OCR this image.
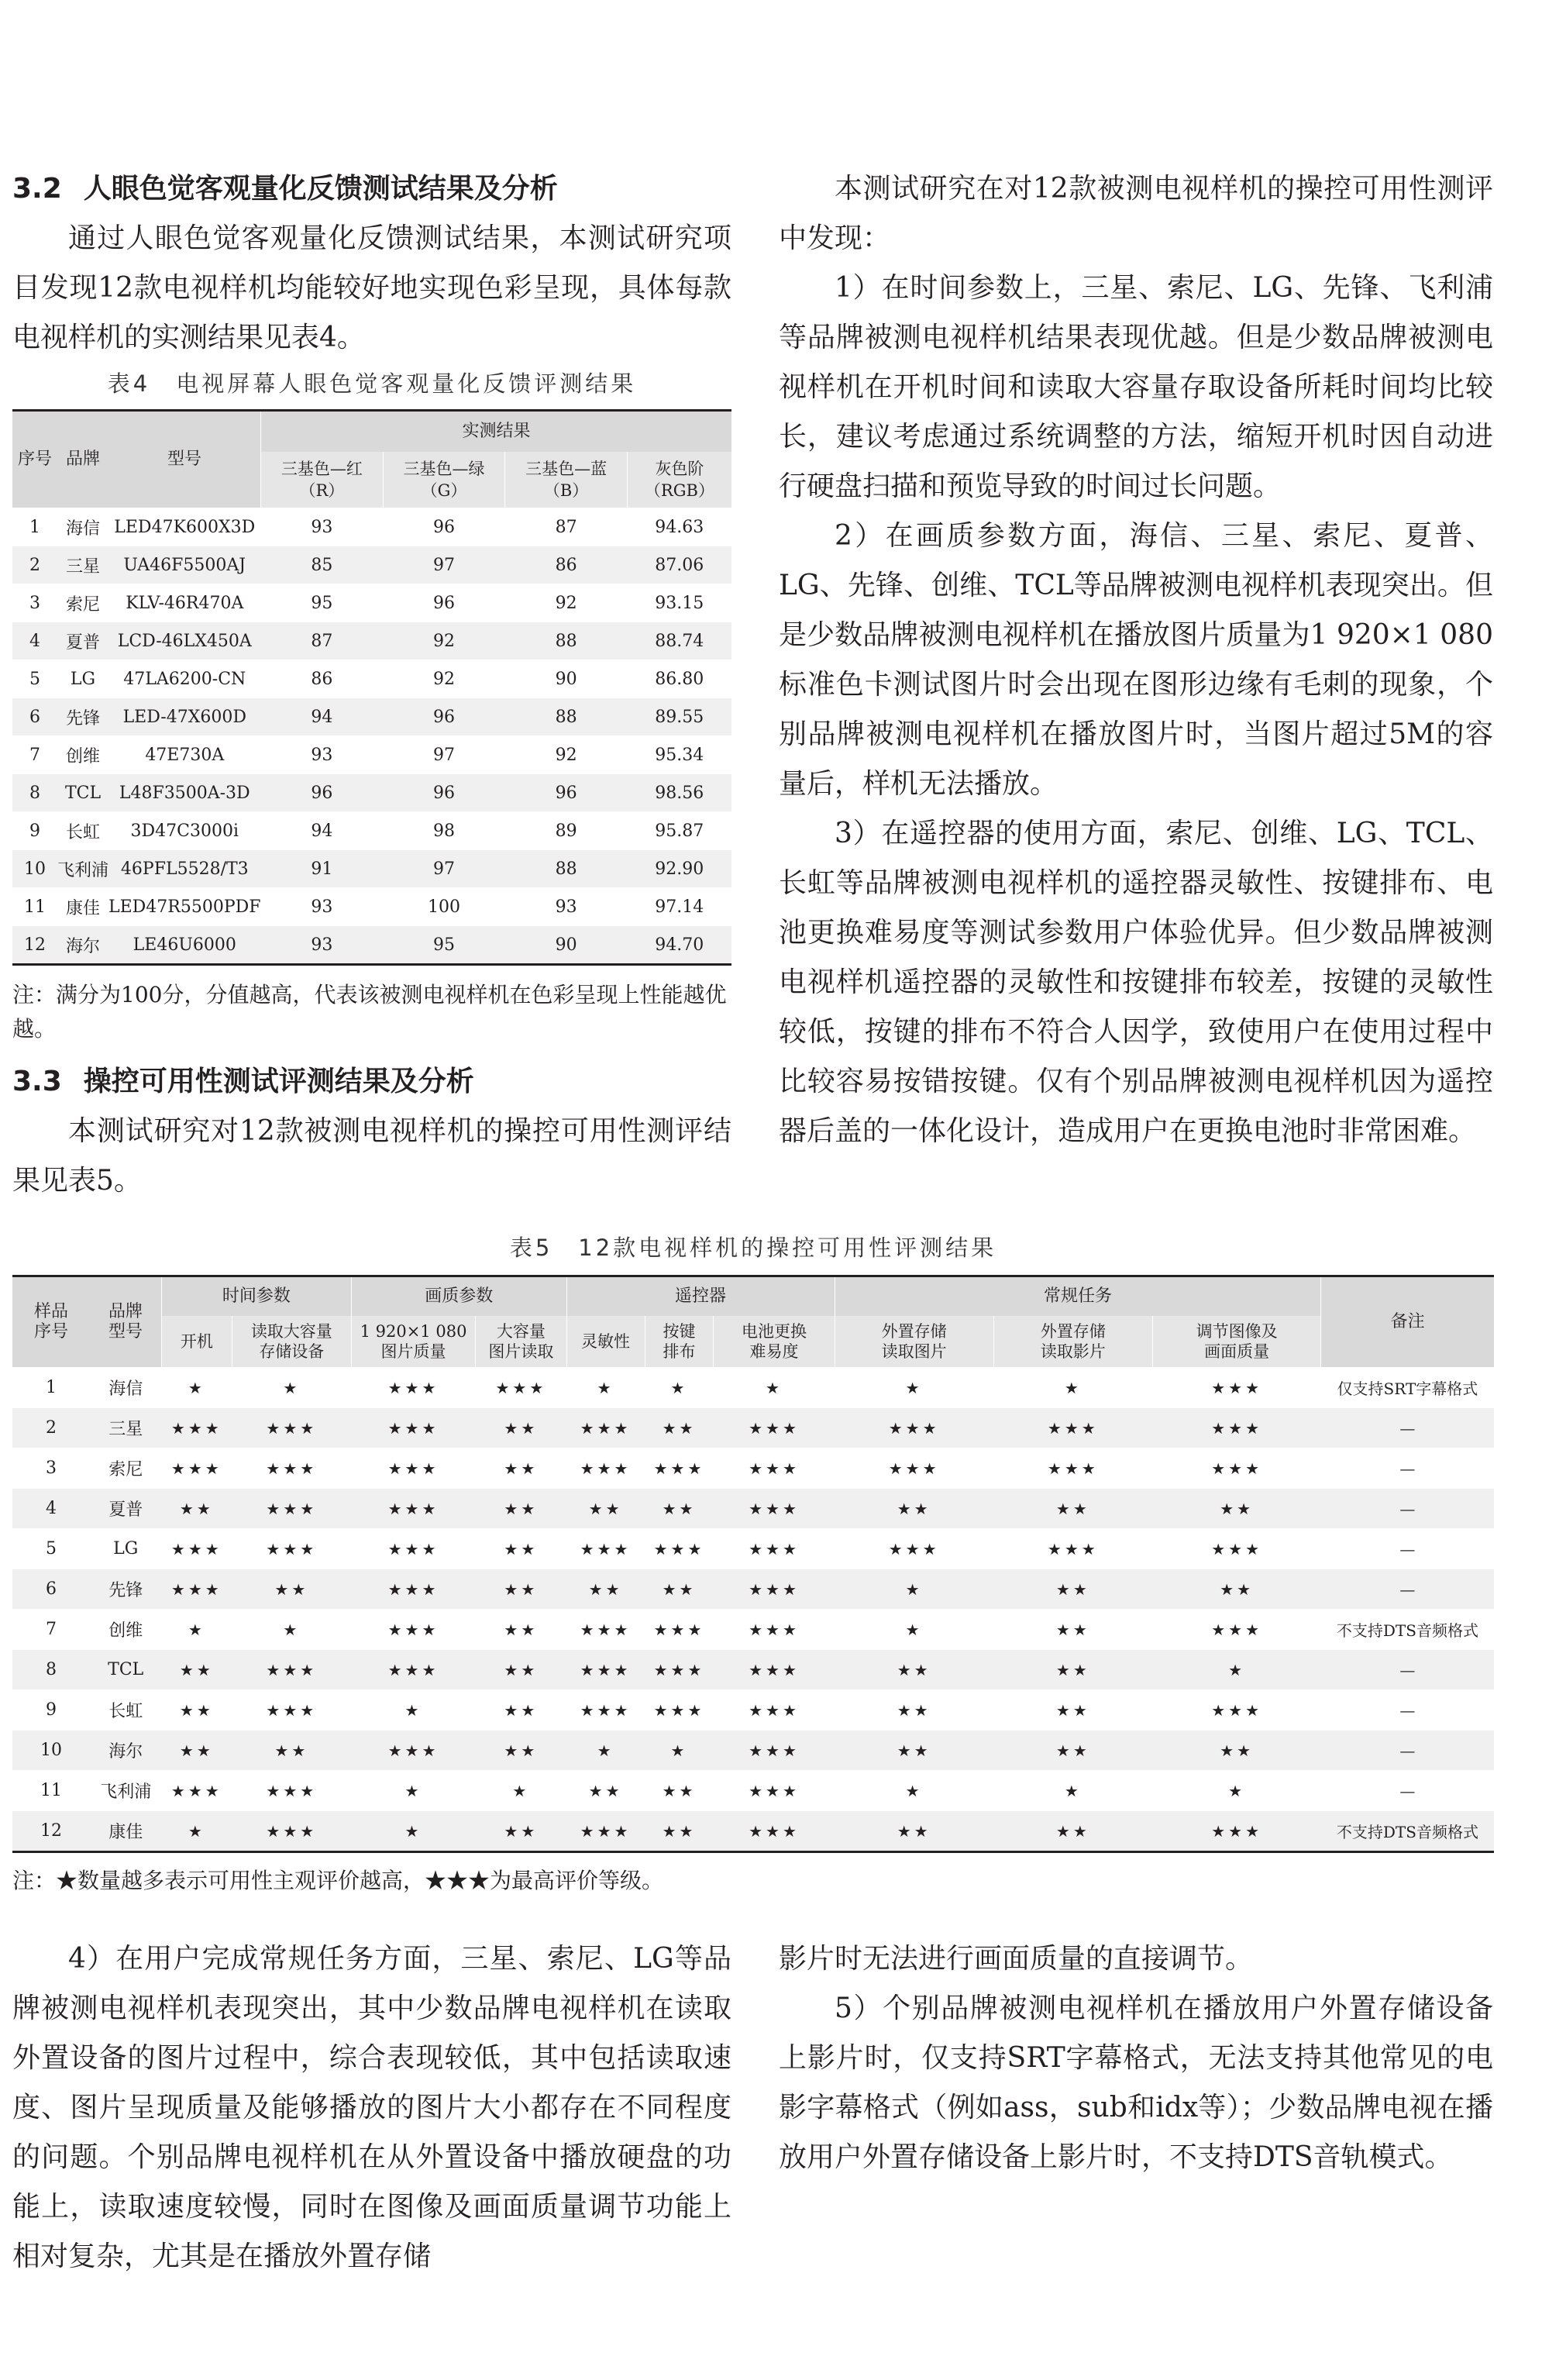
3.2 人眼色觉客观量化反馈测试结果及分析

通过人眼色觉客观量化反馈测试结果，本测试研究项目发现12款电视样机均能较好地实现色彩呈现，具体每款电视样机的实测结果见表4。

表4　电视屏幕人眼色觉客观量化反馈评测结果
序号	品牌	型号	实测结果			
			三基色—红
（R）	三基色—绿
（G）	三基色—蓝
（B）	灰色阶
（RGB）
1	海信	LED47K600X3D	93	96	87	94.63
2	三星	UA46F5500AJ	85	97	86	87.06
3	索尼	KLV-46R470A	95	96	92	93.15
4	夏普	LCD-46LX450A	87	92	88	88.74
5	LG	47LA6200-CN	86	92	90	86.80
6	先锋	LED-47X600D	94	96	88	89.55
7	创维	47E730A	93	97	92	95.34
8	TCL	L48F3500A-3D	96	96	96	98.56
9	长虹	3D47C3000i	94	98	89	95.87
10	飞利浦	46PFL5528/T3	91	97	88	92.90
11	康佳	LED47R5500PDF	93	100	93	97.14
12	海尔	LE46U6000	93	95	90	94.70
注：满分为100分，分值越高，代表该被测电视样机在色彩呈现上性能越优越。
3.3 操控可用性测试评测结果及分析

本测试研究对12款被测电视样机的操控可用性测评结果见表5。

本测试研究在对12款被测电视样机的操控可用性测评中发现：

1）在时间参数上，三星、索尼、LG、先锋、飞利浦等品牌被测电视样机结果表现优越。但是少数品牌被测电视样机在开机时间和读取大容量存取设备所耗时间均比较长，建议考虑通过系统调整的方法，缩短开机时因自动进行硬盘扫描和预览导致的时间过长问题。

2）在画质参数方面，海信、三星、索尼、夏普、LG、先锋、创维、TCL等品牌被测电视样机表现突出。但是少数品牌被测电视样机在播放图片质量为1 920×1 080标准色卡测试图片时会出现在图形边缘有毛刺的现象，个别品牌被测电视样机在播放图片时，当图片超过5M的容量后，样机无法播放。

3）在遥控器的使用方面，索尼、创维、LG、TCL、长虹等品牌被测电视样机的遥控器灵敏性、按键排布、电池更换难易度等测试参数用户体验优异。但少数品牌被测电视样机遥控器的灵敏性和按键排布较差，按键的灵敏性较低，按键的排布不符合人因学，致使用户在使用过程中比较容易按错按键。仅有个别品牌被测电视样机因为遥控器后盖的一体化设计，造成用户在更换电池时非常困难。

表5　12款电视样机的操控可用性评测结果
样品
序号	品牌
型号	时间参数		画质参数		遥控器			常规任务			备注
		开机	读取大容量
存储设备	1 920×1 080
图片质量	大容量
图片读取	灵敏性	按键
排布	电池更换
难易度	外置存储
读取图片	外置存储
读取影片	调节图像及
画面质量	
1	海信	★	★	★★★	★★★	★	★	★	★	★	★★★	仅支持SRT字幕格式
2	三星	★★★	★★★	★★★	★★	★★★	★★	★★★	★★★	★★★	★★★	—
3	索尼	★★★	★★★	★★★	★★	★★★	★★★	★★★	★★★	★★★	★★★	—
4	夏普	★★	★★★	★★★	★★	★★	★★	★★★	★★	★★	★★	—
5	LG	★★★	★★★	★★★	★★	★★★	★★★	★★★	★★★	★★★	★★★	—
6	先锋	★★★	★★	★★★	★★	★★	★★	★★★	★	★★	★★	—
7	创维	★	★	★★★	★★	★★★	★★★	★★★	★	★★	★★★	不支持DTS音频格式
8	TCL	★★	★★★	★★★	★★	★★★	★★★	★★★	★★	★★	★	—
9	长虹	★★	★★★	★	★★	★★★	★★★	★★★	★★	★★	★★★	—
10	海尔	★★	★★	★★★	★★	★	★	★★★	★★	★★	★★	—
11	飞利浦	★★★	★★★	★	★	★★	★★	★★★	★	★	★	—
12	康佳	★	★★★	★	★★	★★★	★★	★★★	★★	★★	★★★	不支持DTS音频格式
注：★数量越多表示可用性主观评价越高，★★★为最高评价等级。

4）在用户完成常规任务方面，三星、索尼、LG等品牌被测电视样机表现突出，其中少数品牌电视样机在读取外置设备的图片过程中，综合表现较低，其中包括读取速度、图片呈现质量及能够播放的图片大小都存在不同程度的问题。个别品牌电视样机在从外置设备中播放硬盘的功能上，读取速度较慢，同时在图像及画面质量调节功能上相对复杂，尤其是在播放外置存储

影片时无法进行画面质量的直接调节。

5）个别品牌被测电视样机在播放用户外置存储设备上影片时，仅支持SRT字幕格式，无法支持其他常见的电影字幕格式（例如ass，sub和idx等）；少数品牌电视在播放用户外置存储设备上影片时，不支持DTS音轨模式。
